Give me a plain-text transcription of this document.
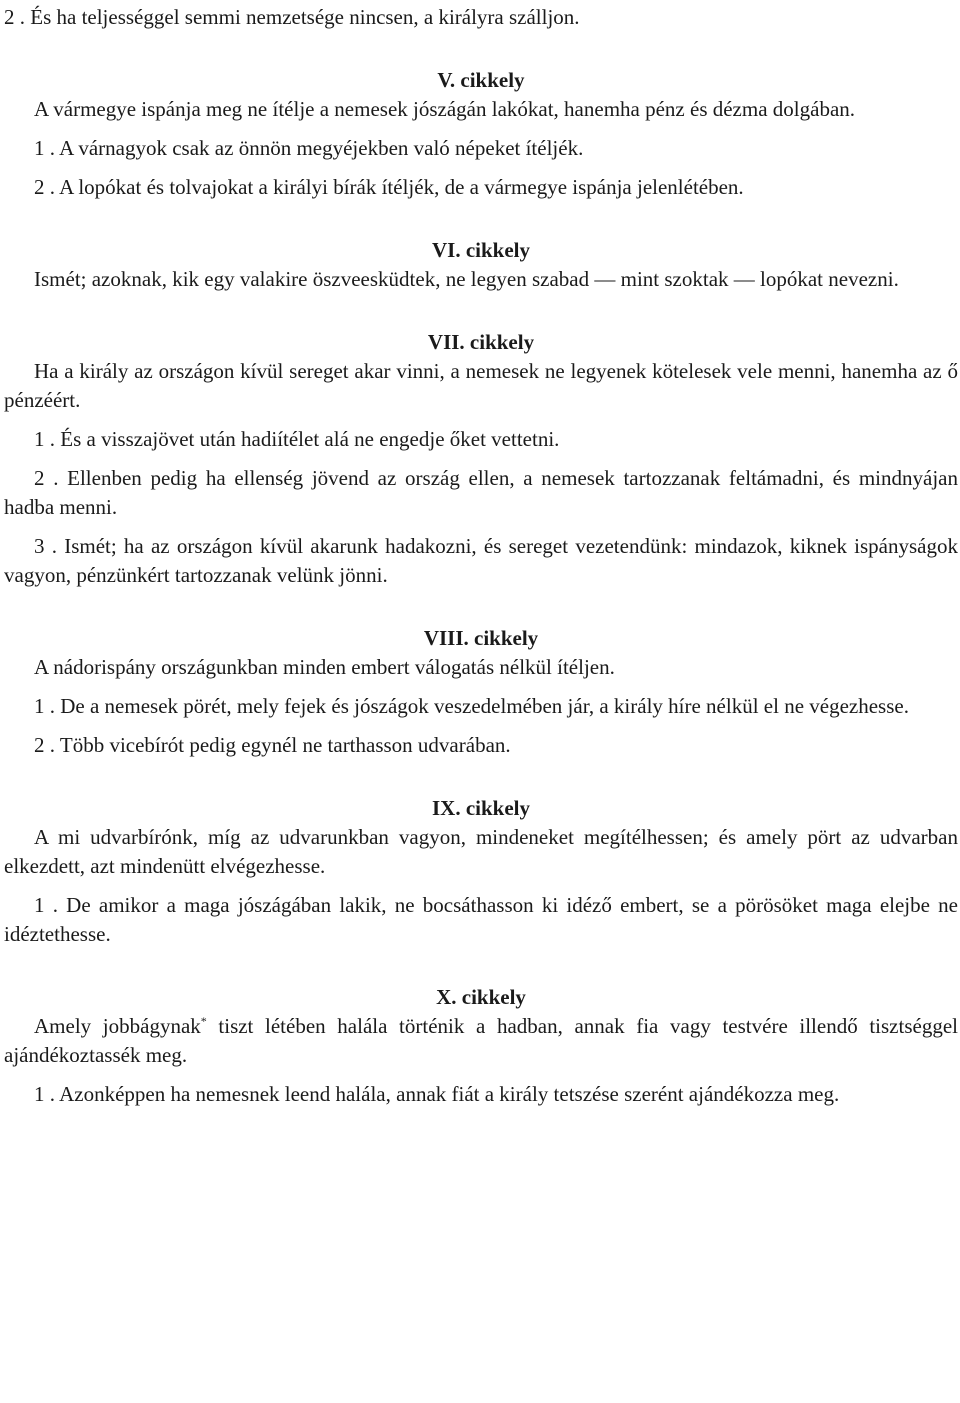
2 . És ha teljességgel semmi nemzetsége nincsen, a királyra szálljon.

V. cikkely

A vármegye ispánja meg ne ítélje a nemesek jószágán lakókat, hanemha pénz és dézma dolgában.

1 . A várnagyok csak az önnön megyéjekben való népeket ítéljék.

2 . A lopókat és tolvajokat a királyi bírák ítéljék, de a vármegye ispánja jelenlétében.

VI. cikkely

Ismét; azoknak, kik egy valakire öszveesküdtek, ne legyen szabad — mint szoktak — lopókat nevezni.

VII. cikkely

Ha a király az országon kívül sereget akar vinni, a nemesek ne legyenek kötelesek vele menni, hanemha az ő pénzéért.

1 . És a visszajövet után hadiítélet alá ne engedje őket vettetni.

2 . Ellenben pedig ha ellenség jövend az ország ellen, a nemesek tartozzanak feltámadni, és mindnyájan hadba menni.

3 . Ismét; ha az országon kívül akarunk hadakozni, és sereget vezetendünk: mindazok, kiknek ispányságok vagyon, pénzünkért tartozzanak velünk jönni.

VIII. cikkely

A nádorispány országunkban minden embert válogatás nélkül ítéljen.

1 . De a nemesek pörét, mely fejek és jószágok veszedelmében jár, a király híre nélkül el ne végezhesse.

2 . Több vicebírót pedig egynél ne tarthasson udvarában.

IX. cikkely

A mi udvarbírónk, míg az udvarunkban vagyon, mindeneket megítélhessen; és amely pört az udvarban elkezdett, azt mindenütt elvégezhesse.

1 . De amikor a maga jószágában lakik, ne bocsáthasson ki idéző embert, se a pörösöket maga elejbe ne idéztethesse.

X. cikkely

Amely jobbágynak* tiszt létében halála történik a hadban, annak fia vagy testvére illendő tisztséggel ajándékoztassék meg.

1 . Azonképpen ha nemesnek leend halála, annak fiát a király tetszése szerént ajándékozza meg.
